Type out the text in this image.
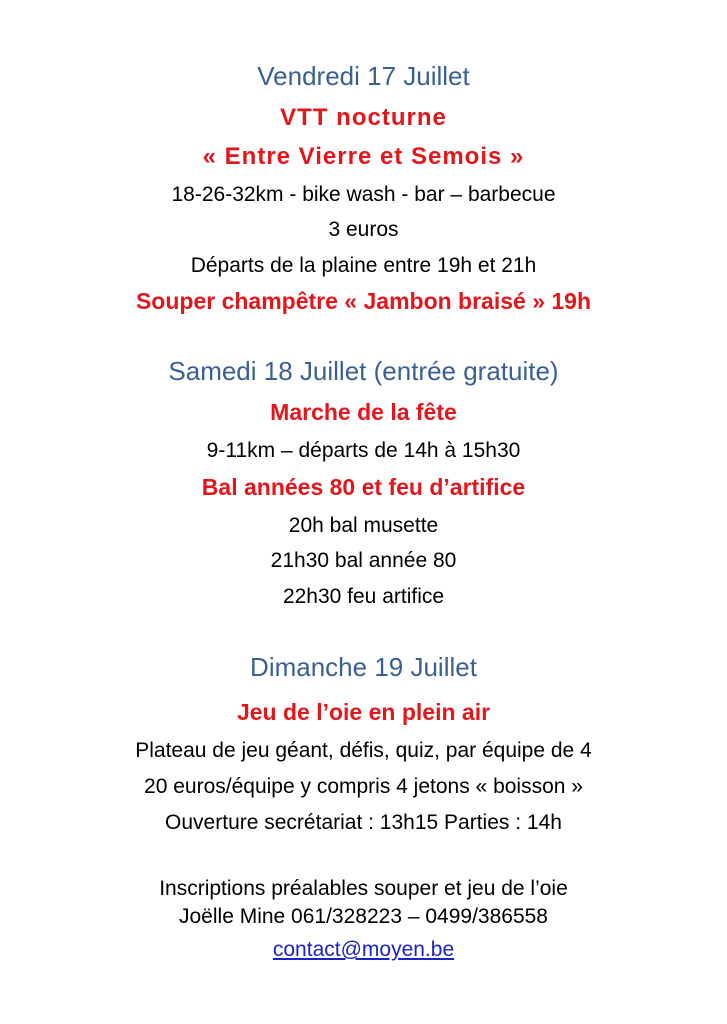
Vendredi 17 Juillet
VTT nocturne
« Entre Vierre et Semois »
18-26-32km - bike wash - bar – barbecue
3 euros
Départs de la plaine entre 19h et 21h
Souper champêtre « Jambon braisé » 19h
Samedi 18 Juillet (entrée gratuite)
Marche de la fête
9-11km – départs de 14h à 15h30
Bal années 80 et feu d’artifice
20h bal musette
21h30 bal année 80
22h30 feu artifice
Dimanche 19 Juillet
Jeu de l’oie en plein air
Plateau de jeu géant, défis, quiz, par équipe de 4
20 euros/équipe y compris 4 jetons « boisson »
Ouverture secrétariat : 13h15 Parties : 14h
Inscriptions préalables souper et jeu de l’oie
Joëlle Mine 061/328223 – 0499/386558
contact@moyen.be
